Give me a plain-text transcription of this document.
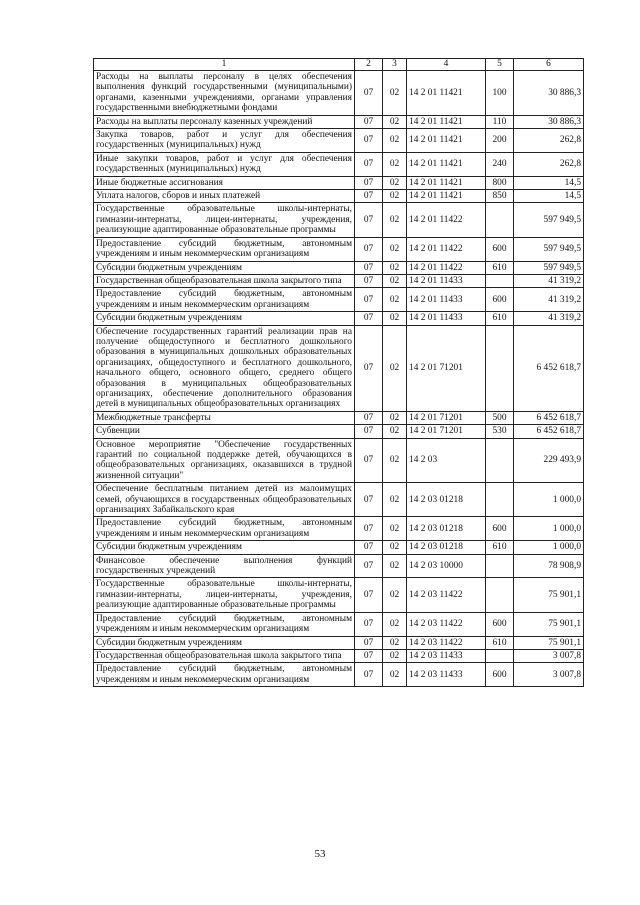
1	2	3	4	5	6
Расходы на выплаты персоналу в целях обеспечения выполнения функций государственными (муниципальными) органами, казенными учреждениями, органами управления государственными внебюджетными фондами	07	02	14 2 01 11421	100	30 886,3
Расходы на выплаты персоналу казенных учреждений	07	02	14 2 01 11421	110	30 886,3
Закупка товаров, работ и услуг для обеспечения государственных (муниципальных) нужд	07	02	14 2 01 11421	200	262,8
Иные закупки товаров, работ и услуг для обеспечения государственных (муниципальных) нужд	07	02	14 2 01 11421	240	262,8
Иные бюджетные ассигнования	07	02	14 2 01 11421	800	14,5
Уплата налогов, сборов и иных платежей	07	02	14 2 01 11421	850	14,5
Государственные образовательные школы-интернаты, гимназии-интернаты, лицеи-интернаты, учреждения, реализующие адаптированные образовательные программы	07	02	14 2 01 11422		597 949,5
Предоставление субсидий бюджетным, автономным учреждениям и иным некоммерческим организациям	07	02	14 2 01 11422	600	597 949,5
Субсидии бюджетным учреждениям	07	02	14 2 01 11422	610	597 949,5
Государственная общеобразовательная школа закрытого типа	07	02	14 2 01 11433		41 319,2
Предоставление субсидий бюджетным, автономным учреждениям и иным некоммерческим организациям	07	02	14 2 01 11433	600	41 319,2
Субсидии бюджетным учреждениям	07	02	14 2 01 11433	610	41 319,2
Обеспечение государственных гарантий реализации прав на получение общедоступного и бесплатного дошкольного образования в муниципальных дошкольных образовательных организациях, общедоступного и бесплатного дошкольного, начального общего, основного общего, среднего общего образования в муниципальных общеобразовательных организациях, обеспечение дополнительного образования детей в муниципальных общеобразовательных организациях	07	02	14 2 01 71201		6 452 618,7
Межбюджетные трансферты	07	02	14 2 01 71201	500	6 452 618,7
Субвенции	07	02	14 2 01 71201	530	6 452 618,7
Основное мероприятие "Обеспечение государственных гарантий по социальной поддержке детей, обучающихся в общеобразовательных организациях, оказавшихся в трудной жизненной ситуации"	07	02	14 2 03		229 493,9
Обеспечение бесплатным питанием детей из малоимущих семей, обучающихся в государственных общеобразовательных организациях Забайкальского края	07	02	14 2 03 01218		1 000,0
Предоставление субсидий бюджетным, автономным учреждениям и иным некоммерческим организациям	07	02	14 2 03 01218	600	1 000,0
Субсидии бюджетным учреждениям	07	02	14 2 03 01218	610	1 000,0
Финансовое обеспечение выполнения функций государственных учреждений	07	02	14 2 03 10000		78 908,9
Государственные образовательные школы-интернаты, гимназии-интернаты, лицеи-интернаты, учреждения, реализующие адаптированные образовательные программы	07	02	14 2 03 11422		75 901,1
Предоставление субсидий бюджетным, автономным учреждениям и иным некоммерческим организациям	07	02	14 2 03 11422	600	75 901,1
Субсидии бюджетным учреждениям	07	02	14 2 03 11422	610	75 901,1
Государственная общеобразовательная школа закрытого типа	07	02	14 2 03 11433		3 007,8
Предоставление субсидий бюджетным, автономным учреждениям и иным некоммерческим организациям	07	02	14 2 03 11433	600	3 007,8
53
